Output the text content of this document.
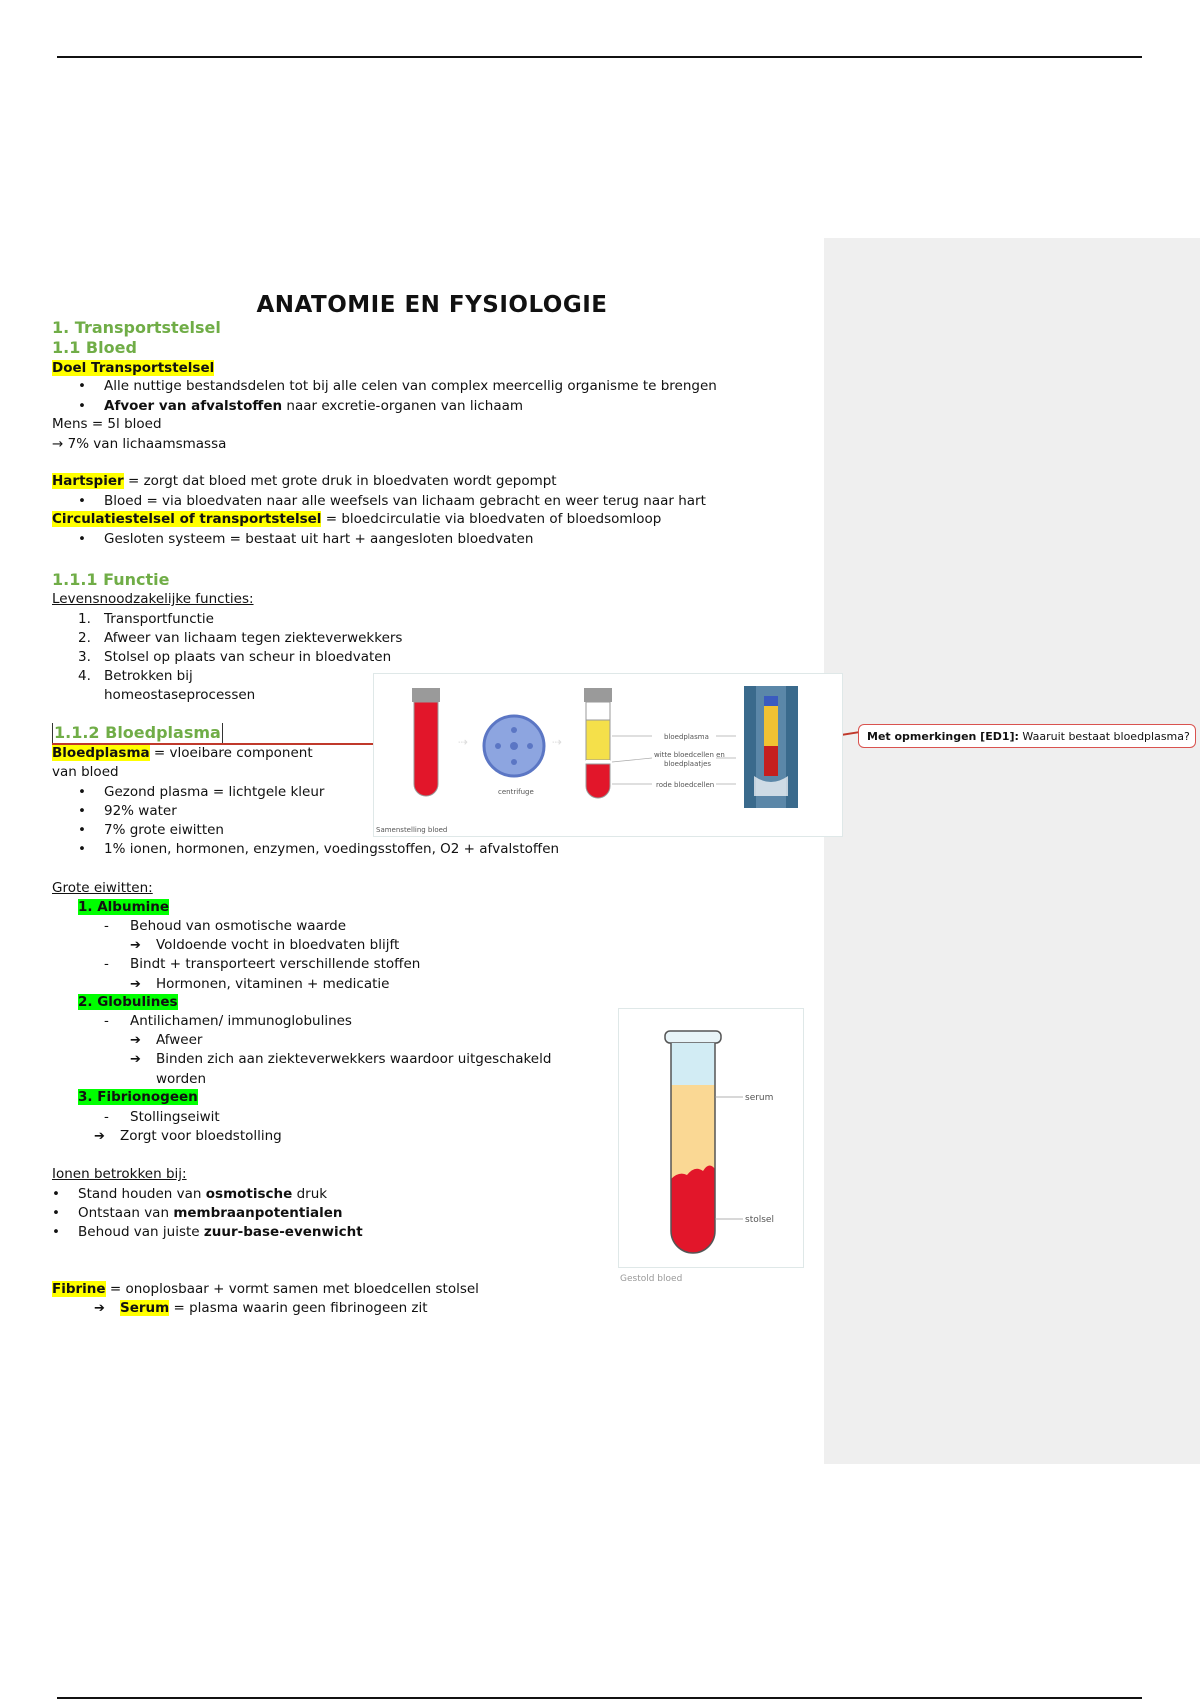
Met opmerkingen [ED1]: Waaruit bestaat bloedplasma?
ANATOMIE EN FYSIOLOGIE
1. Transportstelsel
1.1 Bloed
Doel Transportstelsel
• Alle nuttige bestandsdelen tot bij alle celen van complex meercellig organisme te brengen
• Afvoer van afvalstoffen naar excretie-organen van lichaam
Mens = 5l bloed
→ 7% van lichaamsmassa
Hartspier = zorgt dat bloed met grote druk in bloedvaten wordt gepompt
• Bloed = via bloedvaten naar alle weefsels van lichaam gebracht en weer terug naar hart
Circulatiestelsel of transportstelsel = bloedcirculatie via bloedvaten of bloedsomloop
• Gesloten systeem = bestaat uit hart + aangesloten bloedvaten
1.1.1 Functie
Levensnoodzakelijke functies:
1. Transportfunctie
2. Afweer van lichaam tegen ziekteverwekkers
3. Stolsel op plaats van scheur in bloedvaten
4. Betrokken bij
homeostaseprocessen
1.1.2 Bloedplasma
Bloedplasma = vloeibare component
van bloed
• Gezond plasma = lichtgele kleur
• 92% water
• 7% grote eiwitten
• 1% ionen, hormonen, enzymen, voedingsstoffen, O2 + afvalstoffen
Grote eiwitten:
1. Albumine
- Behoud van osmotische waarde
➔ Voldoende vocht in bloedvaten blijft
- Bindt + transporteert verschillende stoffen
➔ Hormonen, vitaminen + medicatie
2. Globulines
- Antilichamen/ immunoglobulines
➔ Afweer
➔ Binden zich aan ziekteverwekkers waardoor uitgeschakeld
worden
3. Fibrionogeen
- Stollingseiwit
➔ Zorgt voor bloedstolling
Ionen betrokken bij:
• Stand houden van osmotische druk
• Ontstaan van membraanpotentialen
• Behoud van juiste zuur-base-evenwicht
Fibrine = onoplosbaar + vormt samen met bloedcellen stolsel
➔ Serum = plasma waarin geen fibrinogeen zit
⇢
centrifuge
⇢	bloedplasma
witte bloedcellen en
bloedplaatjes
rode bloedcellen
Samenstelling bloed
serum
stolsel
Gestold bloed
